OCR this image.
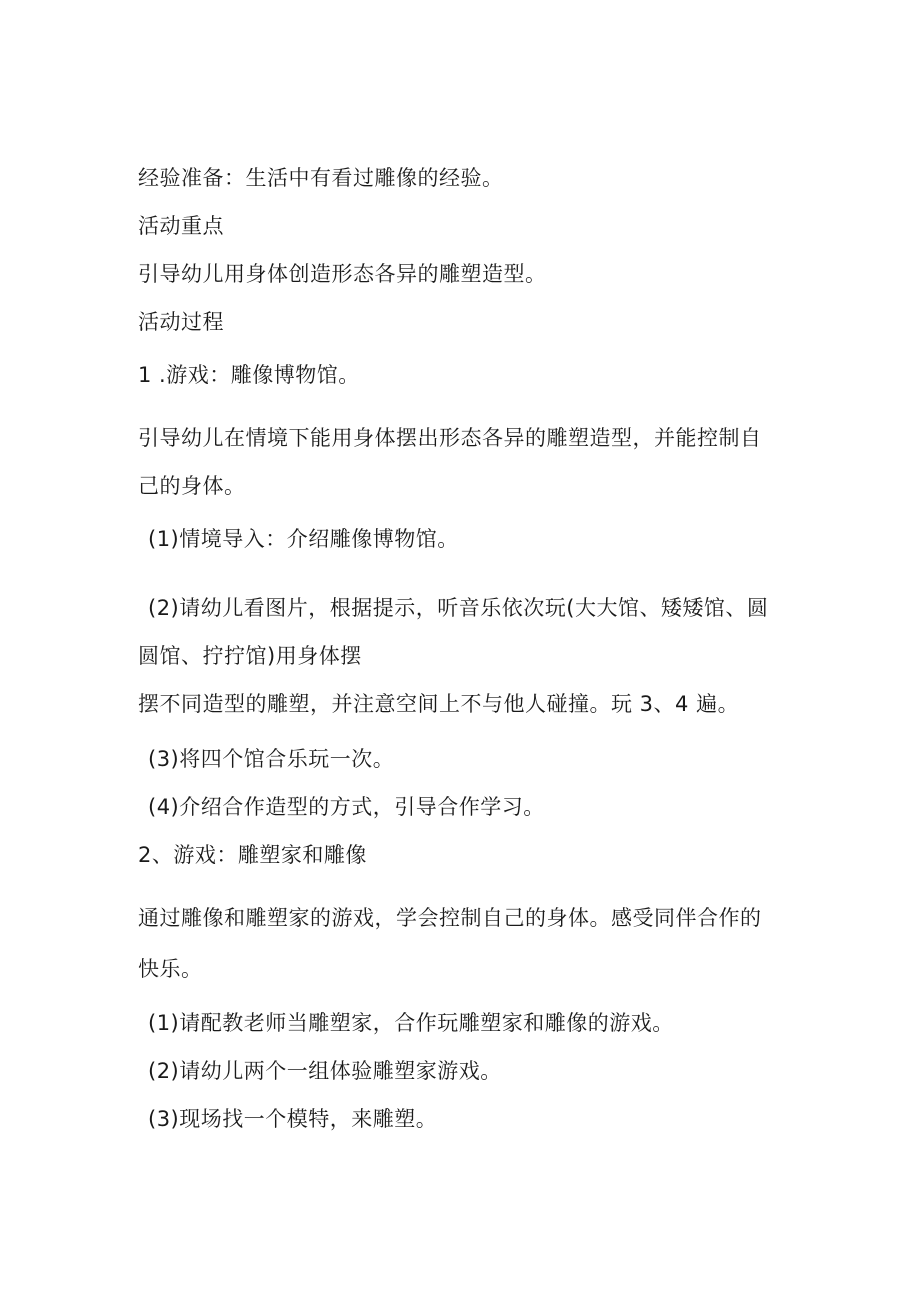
经验准备：生活中有看过雕像的经验。

活动重点

引导幼儿用身体创造形态各异的雕塑造型。

活动过程

1 .游戏：雕像博物馆。

引导幼儿在情境下能用身体摆出形态各异的雕塑造型，并能控制自

己的身体。

(1)情境导入：介绍雕像博物馆。

(2)请幼儿看图片，根据提示，听音乐依次玩(大大馆、矮矮馆、圆

圆馆、拧拧馆)用身体摆

摆不同造型的雕塑，并注意空间上不与他人碰撞。玩 3、4 遍。

(3)将四个馆合乐玩一次。

(4)介绍合作造型的方式，引导合作学习。

2、游戏：雕塑家和雕像

通过雕像和雕塑家的游戏，学会控制自己的身体。感受同伴合作的

快乐。

(1)请配教老师当雕塑家，合作玩雕塑家和雕像的游戏。

(2)请幼儿两个一组体验雕塑家游戏。

(3)现场找一个模特，来雕塑。
